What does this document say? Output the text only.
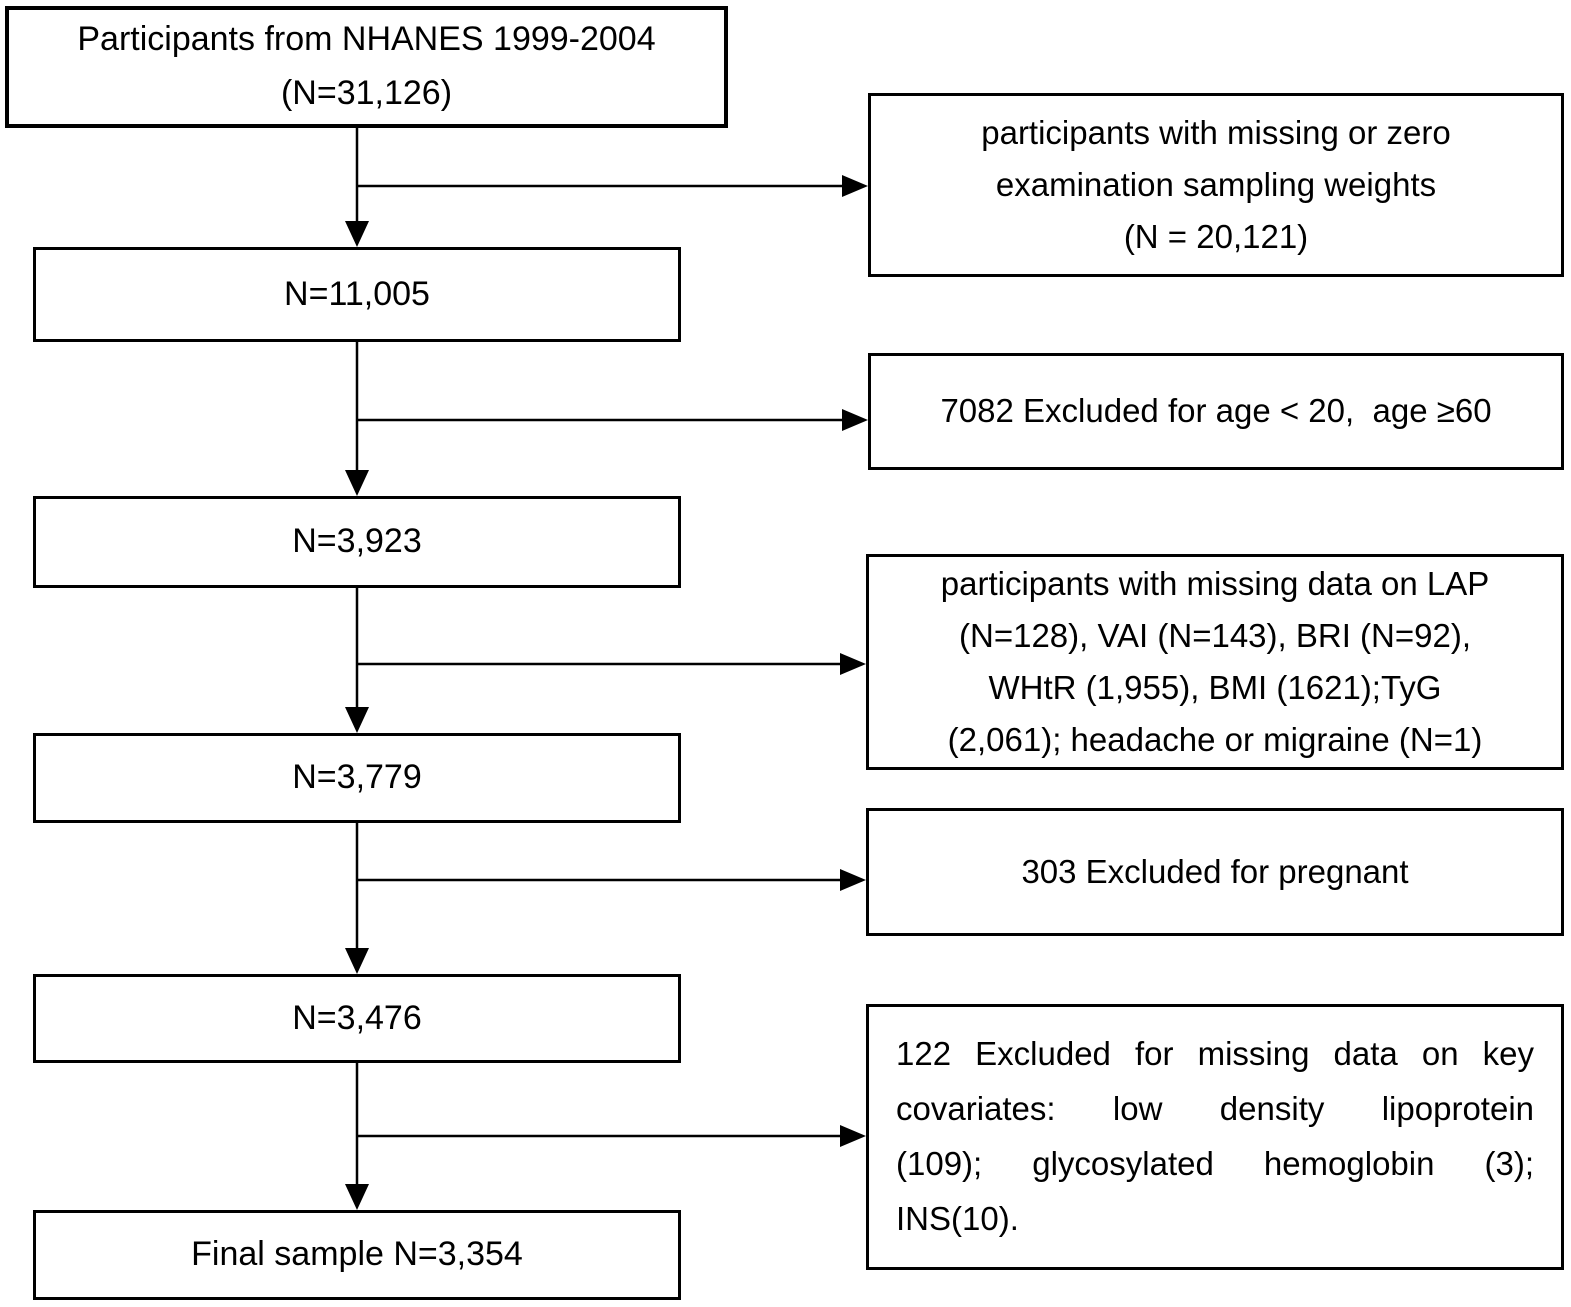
Participants from NHANES 1999-2004
(N=31,126)
N=11,005
N=3,923
N=3,779
N=3,476
Final sample N=3,354
participants with missing or zero
examination sampling weights
(N = 20,121)
7082 Excluded for age < 20,  age ≥60
participants with missing data on LAP
(N=128), VAI (N=143), BRI (N=92),
WHtR (1,955), BMI (1621);TyG
(2,061); headache or migraine (N=1)
303 Excluded for pregnant
122 Excluded for missing data on key
covariates: low density lipoprotein
(109); glycosylated hemoglobin (3);
INS(10).
